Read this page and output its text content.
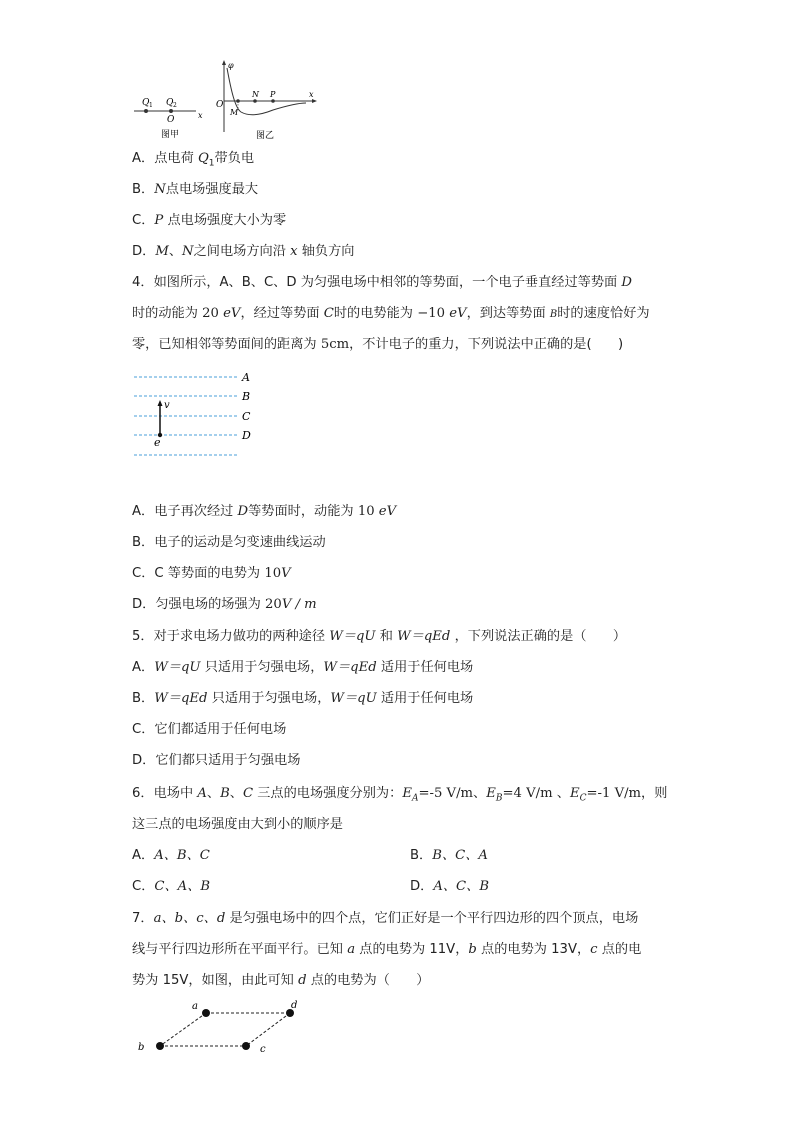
Q 1 Q 2
O	x
图甲
φ
O
M
N P	x
图乙
A．点电荷 $Q_1$带负电
B．N点电场强度最大
C．P 点电场强度大小为零
D．M、N之间电场方向沿 x 轴负方向
4．如图所示，A、B、C、D 为匀强电场中相邻的等势面，一个电子垂直经过等势面 D
时的动能为 20 eV，经过等势面 C时的电势能为 −10 eV，到达等势面 B时的速度恰好为
零，已知相邻等势面间的距离为 5cm，不计电子的重力，下列说法中正确的是(　　)
A
B
C
D
v
e
A．电子再次经过 D等势面时，动能为 10 eV
B．电子的运动是匀变速曲线运动
C．C 等势面的电势为 10V
D．匀强电场的场强为 20V / m
5．对于求电场力做功的两种途径 W＝qU 和 W＝qEd ，下列说法正确的是（　　）
A．W＝qU 只适用于匀强电场，W＝qEd 适用于任何电场
B．W＝qEd 只适用于匀强电场，W＝qU 适用于任何电场
C．它们都适用于任何电场
D．它们都只适用于匀强电场
6．电场中 A、B、C 三点的电场强度分别为：$E_A=-5$ V/m、$E_B=4$ V/m 、$E_C=-1$ V/m，则
这三点的电场强度由大到小的顺序是
A．A、B、C	B．B、C、A
C．C、A、B	D．A、C、B
7．a、b、c、d 是匀强电场中的四个点，它们正好是一个平行四边形的四个顶点，电场
线与平行四边形所在平面平行。已知 a 点的电势为 11V，b 点的电势为 13V，c 点的电
势为 15V，如图，由此可知 d 点的电势为（　　）
a	d
b	c
